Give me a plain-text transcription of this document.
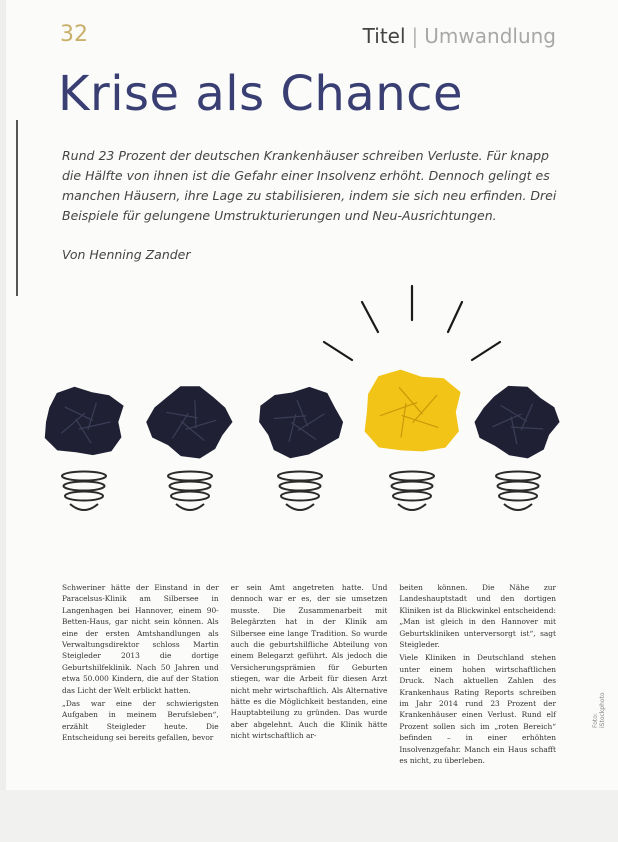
32	Titel | Umwandlung
Krise als Chance
Rund 23 Prozent der deutschen Krankenhäuser schreiben Verluste. Für knapp die Hälfte von ihnen ist die Gefahr einer Insolvenz erhöht. Dennoch gelingt es manchen Häusern, ihre Lage zu stabilisieren, indem sie sich neu erfinden. Drei Beispiele für gelungene Umstrukturierungen und Neu-Ausrichtungen.
Von Henning Zander

Schweriner hätte der Einstand in der Paracelsus-Klinik am Silbersee in Langenhagen bei Hannover, einem 90-Betten-Haus, gar nicht sein können. Als eine der ersten Amtshandlungen als Verwaltungsdirektor schloss Martin Steigleder 2013 die dortige Geburtshilfeklinik. Nach 50 Jahren und etwa 50.000 Kindern, die auf der Station das Licht der Welt erblickt hatten.

„Das war eine der schwierigsten Aufgaben in meinem Berufsleben“, erzählt Steigleder heute. Die Entscheidung sei bereits gefallen, bevor

er sein Amt angetreten hatte. Und dennoch war er es, der sie umsetzen musste. Die Zusammenarbeit mit Belegärzten hat in der Klinik am Silbersee eine lange Tradition. So wurde auch die geburtshilfliche Abteilung von einem Belegarzt geführt. Als jedoch die Versicherungsprämien für Geburten stiegen, war die Arbeit für diesen Arzt nicht mehr wirtschaftlich. Als Alternative hätte es die Möglichkeit bestanden, eine Hauptabteilung zu gründen. Das wurde aber abgelehnt. Auch die Klinik hätte nicht wirtschaftlich ar-

beiten können. Die Nähe zur Landeshauptstadt und den dortigen Kliniken ist da Blickwinkel entscheidend: „Man ist gleich in den Hannover mit Geburtskliniken unterversorgt ist“, sagt Steigleder.

Viele Kliniken in Deutschland stehen unter einem hohen wirtschaftlichen Druck. Nach aktuellen Zahlen des Krankenhaus Rating Reports schreiben im Jahr 2014 rund 23 Prozent der Krankenhäuser einen Verlust. Rund elf Prozent sollen sich im „roten Bereich“ befinden – in einer erhöhten Insolvenzgefahr. Manch ein Haus schafft es nicht, zu überleben.

Foto: iStockphoto
